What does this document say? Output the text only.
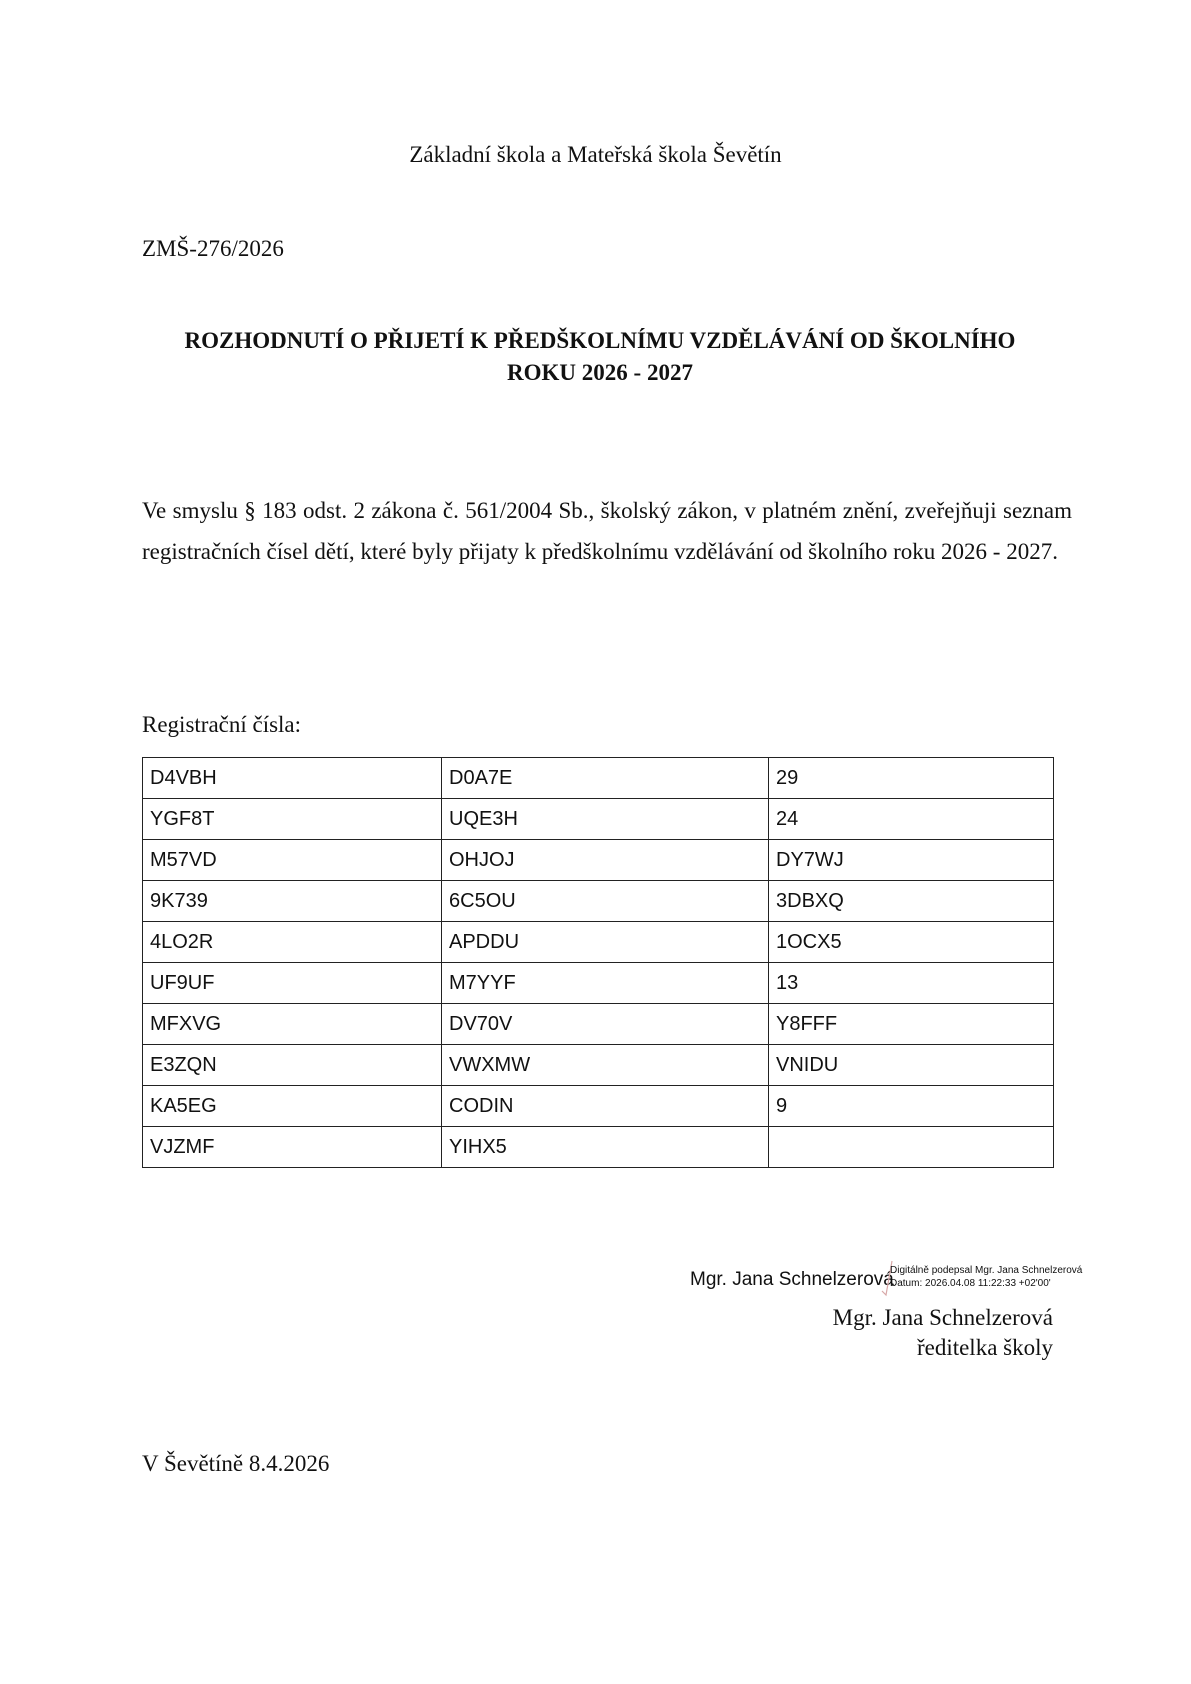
Základní škola a Mateřská škola Ševětín
ZMŠ-276/2026
ROZHODNUTÍ O PŘIJETÍ K PŘEDŠKOLNÍMU VZDĚLÁVÁNÍ OD ŠKOLNÍHO
ROKU 2026 - 2027
Ve smyslu § 183 odst. 2 zákona č. 561/2004 Sb., školský zákon, v platném znění, zveřejňuji seznam registračních čísel dětí, které byly přijaty k předškolnímu vzdělávání od školního roku 2026 - 2027.
Registrační čísla:
D4VBH	D0A7E	29
YGF8T	UQE3H	24
M57VD	OHJOJ	DY7WJ
9K739	6C5OU	3DBXQ
4LO2R	APDDU	1OCX5
UF9UF	M7YYF	13
MFXVG	DV70V	Y8FFF
E3ZQN	VWXMW	VNIDU
KA5EG	CODIN	9
VJZMF	YIHX5	
Mgr. Jana Schnelzerová
Digitálně podepsal Mgr. Jana Schnelzerová
Datum: 2026.04.08 11:22:33 +02'00'
Mgr. Jana Schnelzerová
ředitelka školy
V Ševětíně 8.4.2026
